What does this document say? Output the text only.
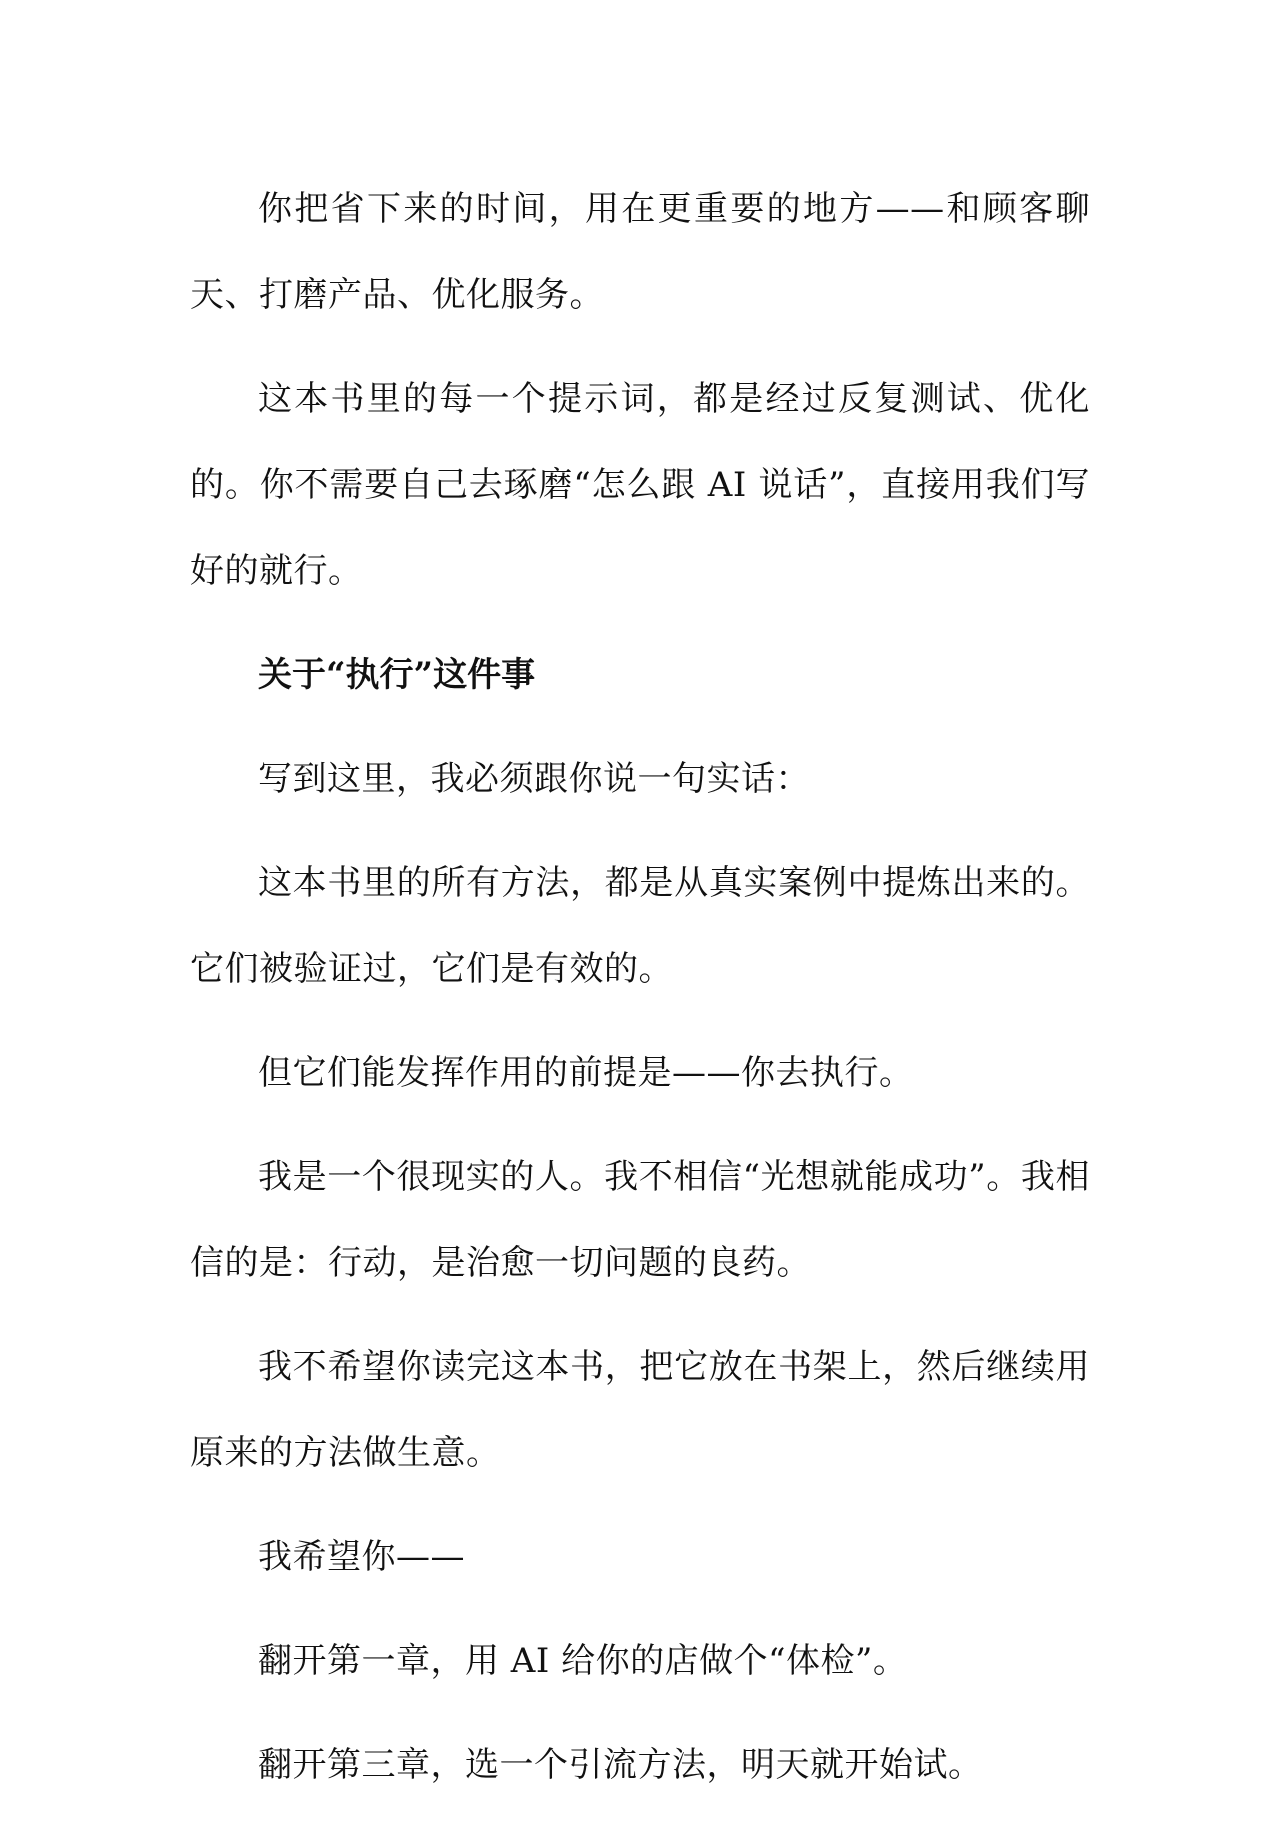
你把省下来的时间，用在更重要的地方——和顾客聊天、打磨产品、优化服务。

这本书里的每一个提示词，都是经过反复测试、优化的。你不需要自己去琢磨“怎么跟 AI 说话”，直接用我们写好的就行。

关于“执行”这件事

写到这里，我必须跟你说一句实话：

这本书里的所有方法，都是从真实案例中提炼出来的。它们被验证过，它们是有效的。

但它们能发挥作用的前提是——你去执行。

我是一个很现实的人。我不相信“光想就能成功”。我相信的是：行动，是治愈一切问题的良药。

我不希望你读完这本书，把它放在书架上，然后继续用原来的方法做生意。

我希望你——

翻开第一章，用 AI 给你的店做个“体检”。

翻开第三章，选一个引流方法，明天就开始试。
